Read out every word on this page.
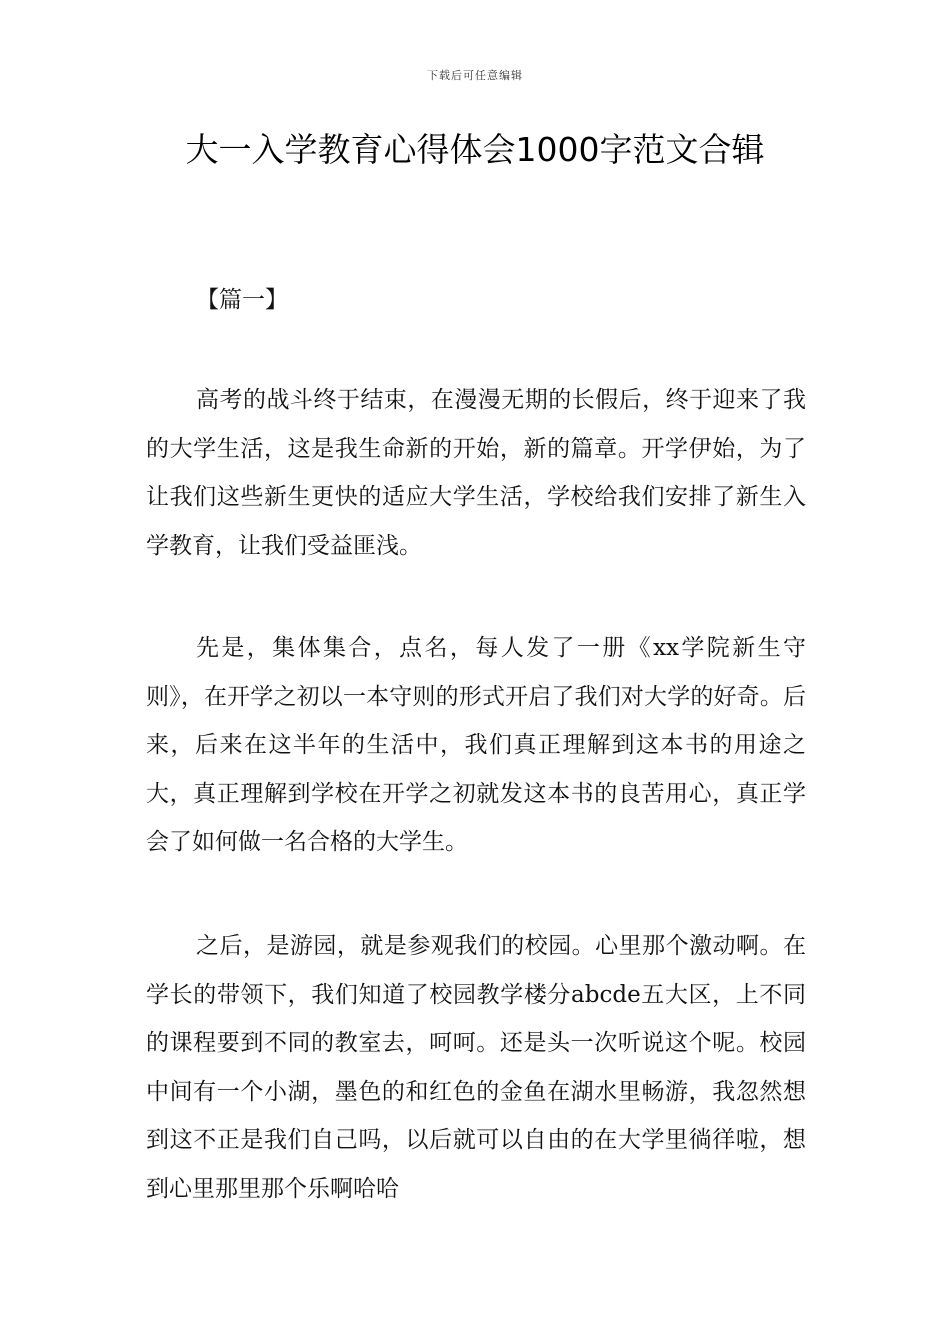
下载后可任意编辑
大一入学教育心得体会1000字范文合辑

【篇一】

高考的战斗终于结束，在漫漫无期的长假后，终于迎来了我的大学生活，这是我生命新的开始，新的篇章。开学伊始，为了让我们这些新生更快的适应大学生活，学校给我们安排了新生入学教育，让我们受益匪浅。

先是，集体集合，点名，每人发了一册《xx学院新生守则》，在开学之初以一本守则的形式开启了我们对大学的好奇。后来，后来在这半年的生活中，我们真正理解到这本书的用途之大，真正理解到学校在开学之初就发这本书的良苦用心，真正学会了如何做一名合格的大学生。

之后，是游园，就是参观我们的校园。心里那个激动啊。在学长的带领下，我们知道了校园教学楼分abcde五大区，上不同的课程要到不同的教室去，呵呵。还是头一次听说这个呢。校园中间有一个小湖，墨色的和红色的金鱼在湖水里畅游，我忽然想到这不正是我们自己吗，以后就可以自由的在大学里徜徉啦，想到心里那里那个乐啊哈哈
